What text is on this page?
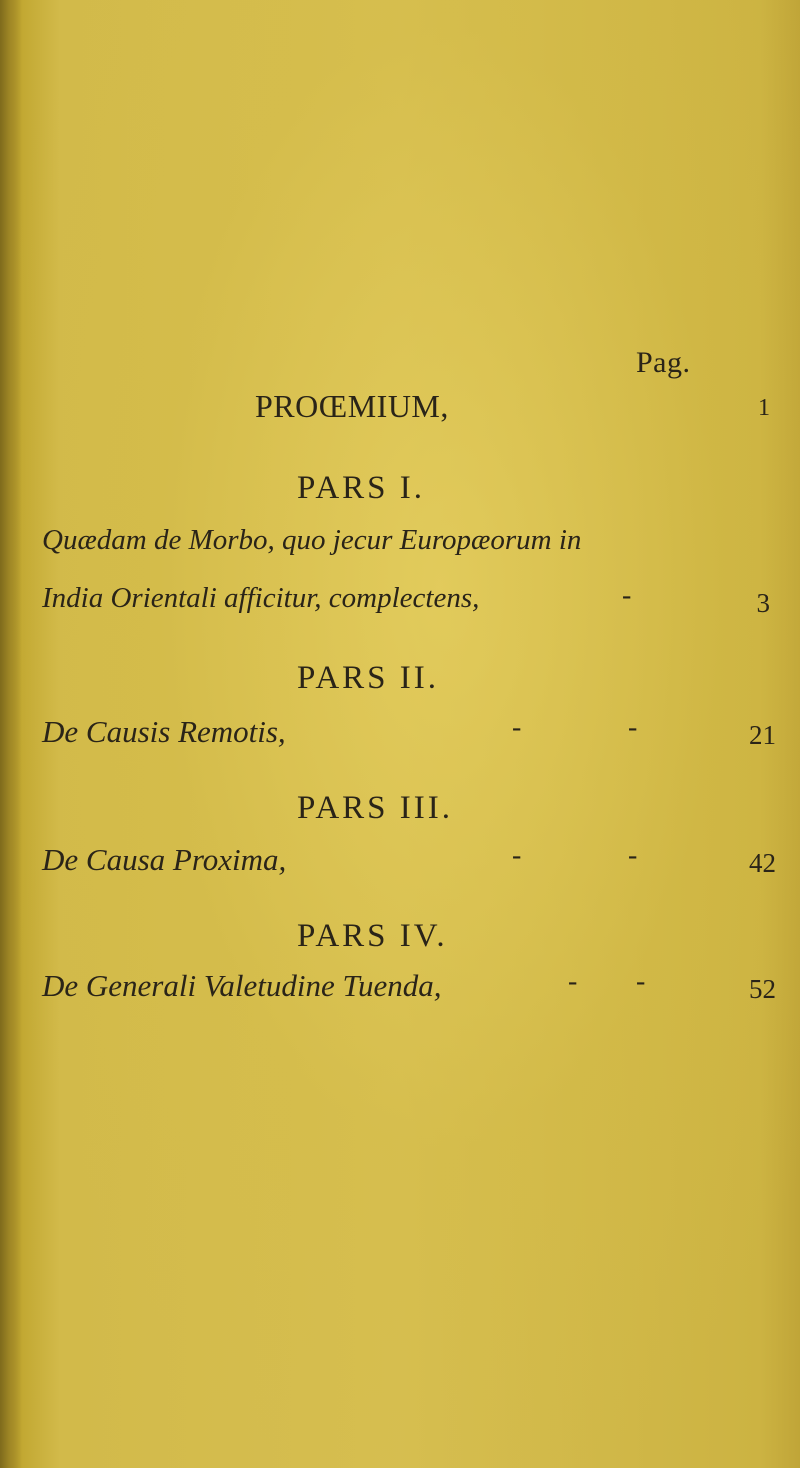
Pag.
PROŒMIUM,	1
PARS I.
Quædam de Morbo, quo jecur Europæorum in
India Orientali afficitur, complectens,	-	3
PARS II.
De Causis Remotis,	-	-	21
PARS III.
De Causa Proxima,	-	-	42
PARS IV.
De Generali Valetudine Tuenda,	- -	52
